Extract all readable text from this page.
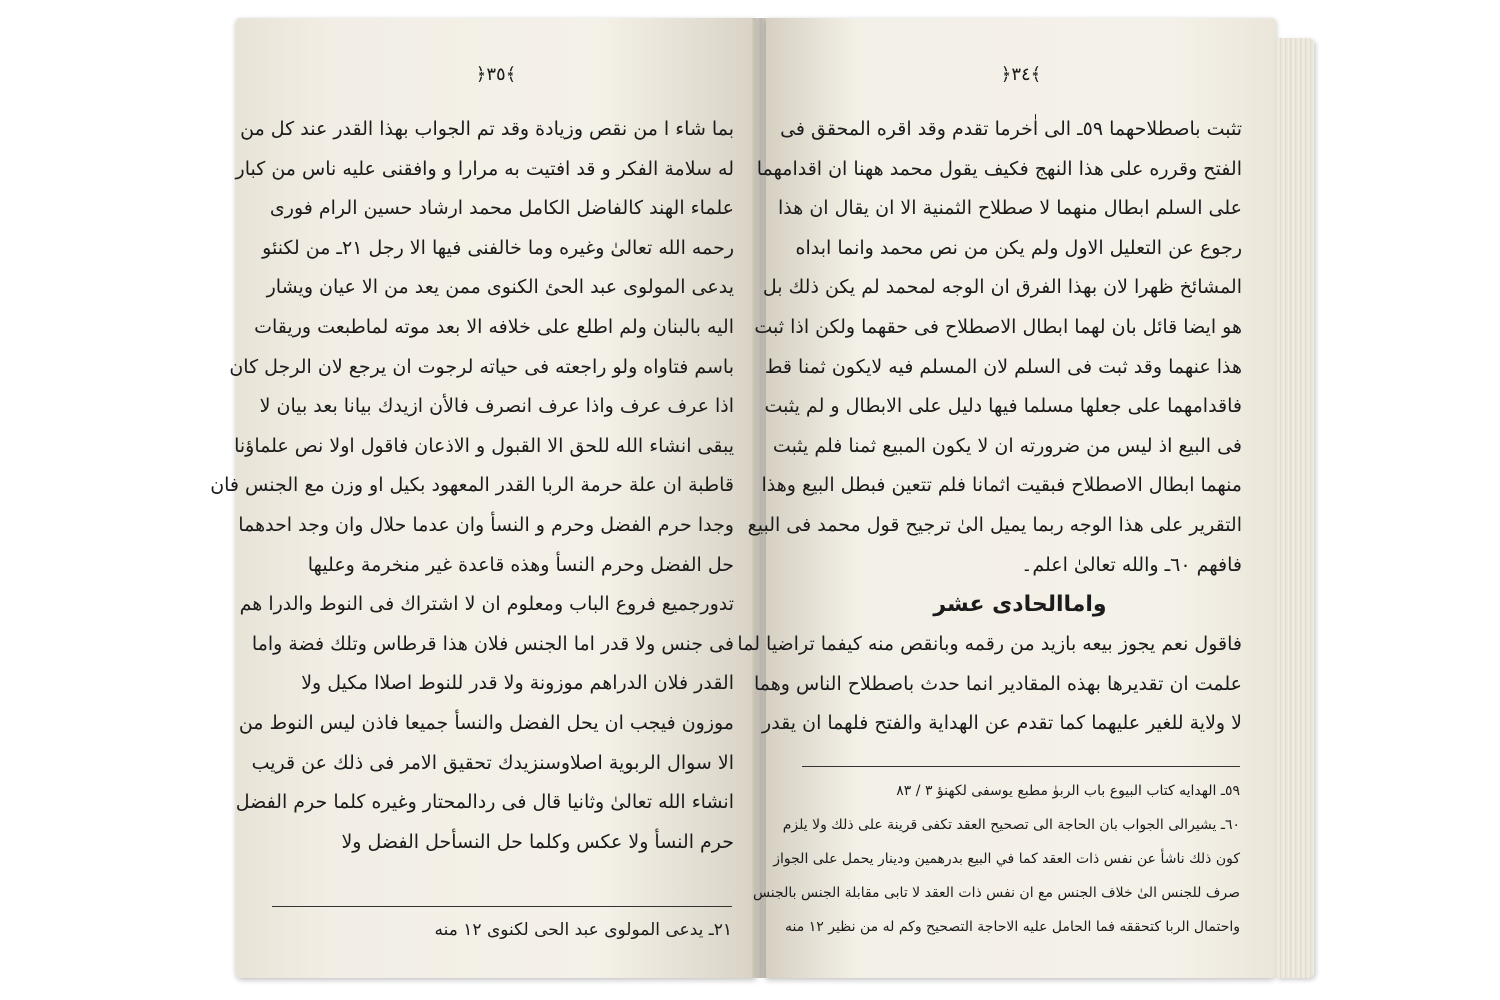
﴿٣٥﴾
بما شاء ا من نقص وزيادة وقد تم الجواب بهذا القدر عند كل من
له سلامة الفكر و قد افتيت به مرارا و وافقنى عليه ناس من كبار
علماء الهند كالفاضل الكامل محمد ارشاد حسين الرام فورى
رحمه الله تعالىٰ وغيره وما خالفنى فيها الا رجل ٢١ـ من لكنئو
يدعى المولوى عبد الحئ الكنوى ممن يعد من الا عيان ويشار
اليه بالبنان ولم اطلع على خلافه الا بعد موته لماطبعت وريقات
باسم فتاواه ولو راجعته فى حياته لرجوت ان يرجع لان الرجل كان
اذا عرف عرف واذا عرف انصرف فالأن ازيدك بيانا بعد بيان لا
يبقى انشاء الله للحق الا القبول و الاذعان فاقول اولا نص علماؤنا
قاطبة ان علة حرمة الربا القدر المعهود بكيل او وزن مع الجنس فان
وجدا حرم الفضل وحرم و النسأ وان عدما حلال وان وجد احدهما
حل الفضل وحرم النسأ وهذه قاعدة غير منخرمة وعليها
تدورجميع فروع الباب ومعلوم ان لا اشتراك فى النوط والدرا هم
فى جنس ولا قدر اما الجنس فلان هذا قرطاس وتلك فضة واما
القدر فلان الدراهم موزونة ولا قدر للنوط اصلاا مكيل ولا
موزون فيجب ان يحل الفضل والنسأ جميعا فاذن ليس النوط من
الا سوال الربوية اصلاوسنزيدك تحقيق الامر فى ذلك عن قريب
انشاء الله تعالىٰ وثانيا قال فى ردالمحتار وغيره كلما حرم الفضل
حرم النسأ ولا عكس وكلما حل النسأحل الفضل ولا
٢١ـ يدعى المولوى عبد الحى لكنوى ١٢ منه
﴿٣٤﴾
تثبت باصطلاحهما ٥٩ـ الى اٰخرما تقدم وقد اقره المحقق فى
الفتح وقرره على هذا النهج فكيف يقول محمد ههنا ان اقدامهما
على السلم ابطال منهما لا صطلاح الثمنية الا ان يقال ان هذا
رجوع عن التعليل الاول ولم يكن من نص محمد وانما ابداه
المشائخ ظهرا لان بهذا الفرق ان الوجه لمحمد لم يكن ذلك بل
هو ايضا قائل بان لهما ابطال الاصطلاح فى حقهما ولكن اذا ثبت
هذا عنهما وقد ثبت فى السلم لان المسلم فيه لايكون ثمنا قط
فاقدامهما على جعلها مسلما فيها دليل على الابطال و لم يثبت
فى البيع اذ ليس من ضرورته ان لا يكون المبيع ثمنا فلم يثبت
منهما ابطال الاصطلاح فبقيت اثمانا فلم تتعين فبطل البيع وهذا
التقرير على هذا الوجه ربما يميل الىٰ ترجيح قول محمد فى البيع
فافهم ٦٠ـ والله تعالىٰ اعلم۔
واماالحادى عشر
فاقول نعم يجوز بيعه بازيد من رقمه وبانقص منه كيفما تراضيا لما
علمت ان تقديرها بهذه المقادير انما حدث باصطلاح الناس وهما
لا ولاية للغير عليهما كما تقدم عن الهداية والفتح فلهما ان يقدر
٥٩ـ الهدايه كتاب البيوع باب الربوٰ مطبع يوسفى لكهنؤ ٣ / ٨٣
٦٠ـ يشيرالى الجواب بان الحاجة الى تصحيح العقد تكفى قرينة على ذلك ولا يلزم
كون ذلك ناشأ عن نفس ذات العقد كما في البيع بدرهمين ودينار يحمل على الجواز
صرف للجنس الىٰ خلاف الجنس مع ان نفس ذات العقد لا تابى مقابلة الجنس بالجنس
واحتمال الربا كتحققه فما الحامل عليه الاحاجة التصحيح وكم له من نظير ١٢ منه
